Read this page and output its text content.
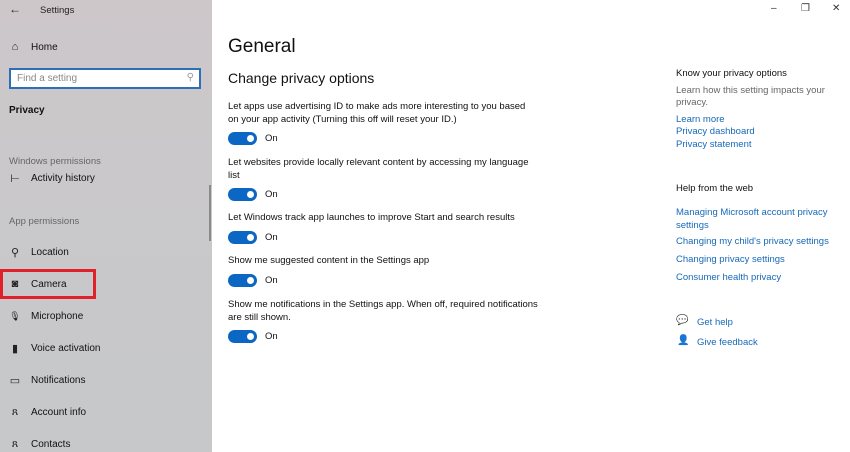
← Settings
⌂ Home
Find a setting	⚲
Privacy
Windows permissions
⊢ Activity history
App permissions
⚲ Location
◙ Camera
🎙 Microphone
▮ Voice activation
▭ Notifications
ጸ Account info
ጸ Contacts
– ❐ ✕
General
Change privacy options
Let apps use advertising ID to make ads more interesting to you based on your app activity (Turning this off will reset your ID.)
On
Let websites provide locally relevant content by accessing my language list
On
Let Windows track app launches to improve Start and search results
On
Show me suggested content in the Settings app
On
Show me notifications in the Settings app. When off, required notifications are still shown.
On
Know your privacy options
Learn how this setting impacts your privacy.
Learn more
Privacy dashboard
Privacy statement
Help from the web
Managing Microsoft account privacy settings
Changing my child's privacy settings
Changing privacy settings
Consumer health privacy
💬 Get help
👤 Give feedback
